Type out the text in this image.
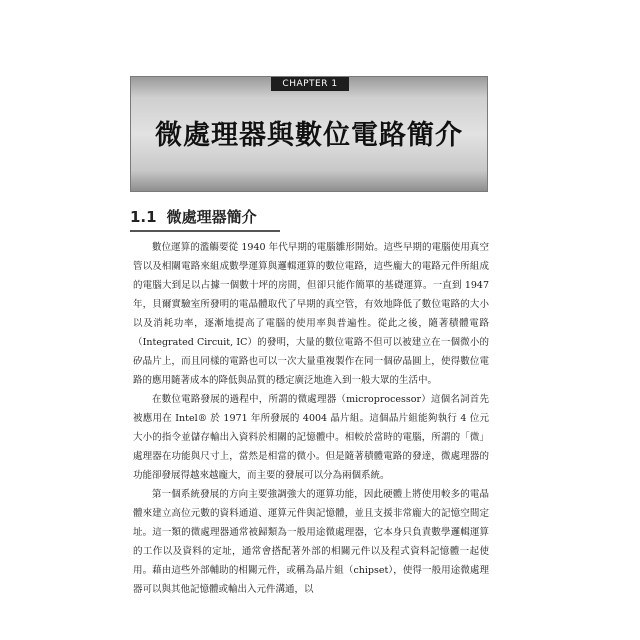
CHAPTER 1
微處理器與數位電路簡介
1.1 微處理器簡介

數位運算的濫觴要從 1940 年代早期的電腦雛形開始。這些早期的電腦使用真空管以及相關電路來組成數學運算與邏輯運算的數位電路，這些龐大的電路元件所組成的電腦大到足以占據一個數十坪的房間，但卻只能作簡單的基礎運算。一直到 1947 年，貝爾實驗室所發明的電晶體取代了早期的真空管，有效地降低了數位電路的大小以及消耗功率，逐漸地提高了電腦的使用率與普遍性。從此之後，隨著積體電路（Integrated Circuit, IC）的發明，大量的數位電路不但可以被建立在一個微小的矽晶片上，而且同樣的電路也可以一次大量重複製作在同一個矽晶圓上，使得數位電路的應用隨著成本的降低與品質的穩定廣泛地進入到一般大眾的生活中。

在數位電路發展的過程中，所謂的微處理器（microprocessor）這個名詞首先被應用在 Intel® 於 1971 年所發展的 4004 晶片組。這個晶片組能夠執行 4 位元大小的指令並儲存輸出入資料於相關的記憶體中。相較於當時的電腦，所謂的「微」處理器在功能與尺寸上，當然是相當的微小。但是隨著積體電路的發達，微處理器的功能卻發展得越來越龐大，而主要的發展可以分為兩個系統。

第一個系統發展的方向主要強調強大的運算功能，因此硬體上將使用較多的電晶體來建立高位元數的資料通道、運算元件與記憶體，並且支援非常龐大的記憶空間定址。這一類的微處理器通常被歸類為一般用途微處理器，它本身只負責數學邏輯運算的工作以及資料的定址，通常會搭配著外部的相關元件以及程式資料記憶體一起使用。藉由這些外部輔助的相關元件，或稱為晶片組（chipset），使得一般用途微處理器可以與其他記憶體或輸出入元件溝通，以
